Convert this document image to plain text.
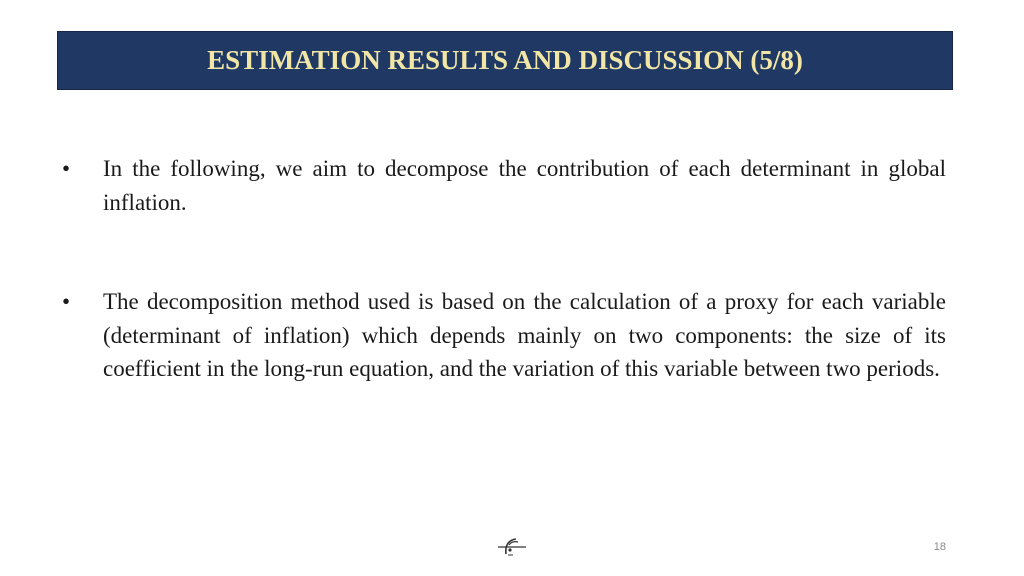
ESTIMATION RESULTS AND DISCUSSION (5/8)
• In the following, we aim to decompose the contribution of each determinant in global inflation.
• The decomposition method used is based on the calculation of a proxy for each variable (determinant of inflation) which depends mainly on two components: the size of its coefficient in the long-run equation, and the variation of this variable between two periods.
18
